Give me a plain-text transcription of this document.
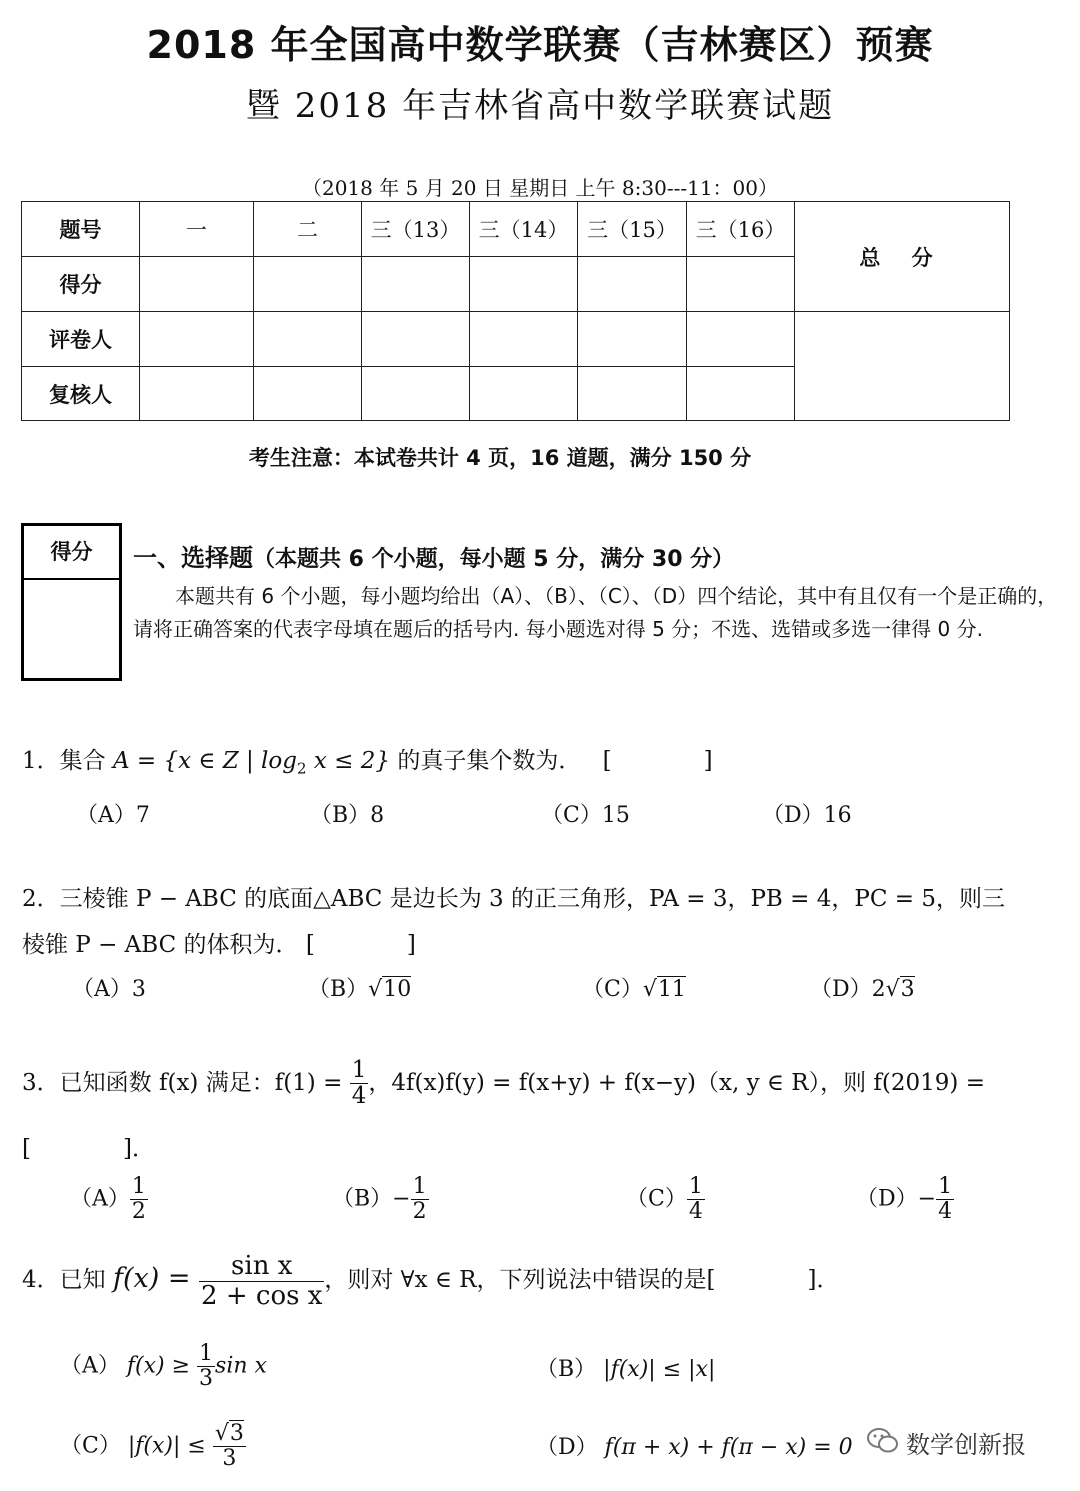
2018 年全国高中数学联赛（吉林赛区）预赛
暨 2018 年吉林省高中数学联赛试题
（2018 年 5 月 20 日 星期日 上午 8:30---11：00）
题号	一	二	三（13）	三（14）	三（15）	三（16）	总 分
得分							
评卷人							
复核人							
考生注意：本试卷共计 4 页，16 道题，满分 150 分
得分	一、选择题（本题共 6 个小题，每小题 5 分，满分 30 分）
本题共有 6 个小题，每小题均给出（A）、（B）、（C）、（D）四个结论，其中有且仅有一个是正确的，请将正确答案的代表字母填在题后的括号内. 每小题选对得 5 分；不选、选错或多选一律得 0 分.
1．集合 A = {x ∈ Z | $\log_2 x \le 2$} 的真子集个数为． [　　　　]
（A）7	（B）8	（C）15	（D）16
2．三棱锥 P − ABC 的底面△ABC 是边长为 3 的正三角形，PA = 3，PB = 4，PC = 5，则三
棱锥 P − ABC 的体积为． [　　　　]
（A）3	（B）√10	（C）√11	（D）2√3
3．已知函数 f(x) 满足：$f(1) = \frac{1}{4}$ ，4f(x)f(y) = f(x+y) + f(x−y)（x, y ∈ R），则 f(2019) =
[　　　　]．
$(A) \frac{1}{2}$	$(B)- \frac{1}{2}$	$(C) \frac{1}{4}$	$(D)- \frac{1}{4}$
4．已知 $f(x) = \frac{\text{sin x}}{\text{2 + cos x}}$ ，则对 ∀x ∈ R，下列说法中错误的是[　　　　]．
（A） $f(x) \ge \frac{1}{3}$ sin x	（B） |f(x)| ≤ |x|
（C） $|f(x)| \le \frac{√3}{3}$	（D） f(π + x) + f(π − x) = 0 数学创新报
